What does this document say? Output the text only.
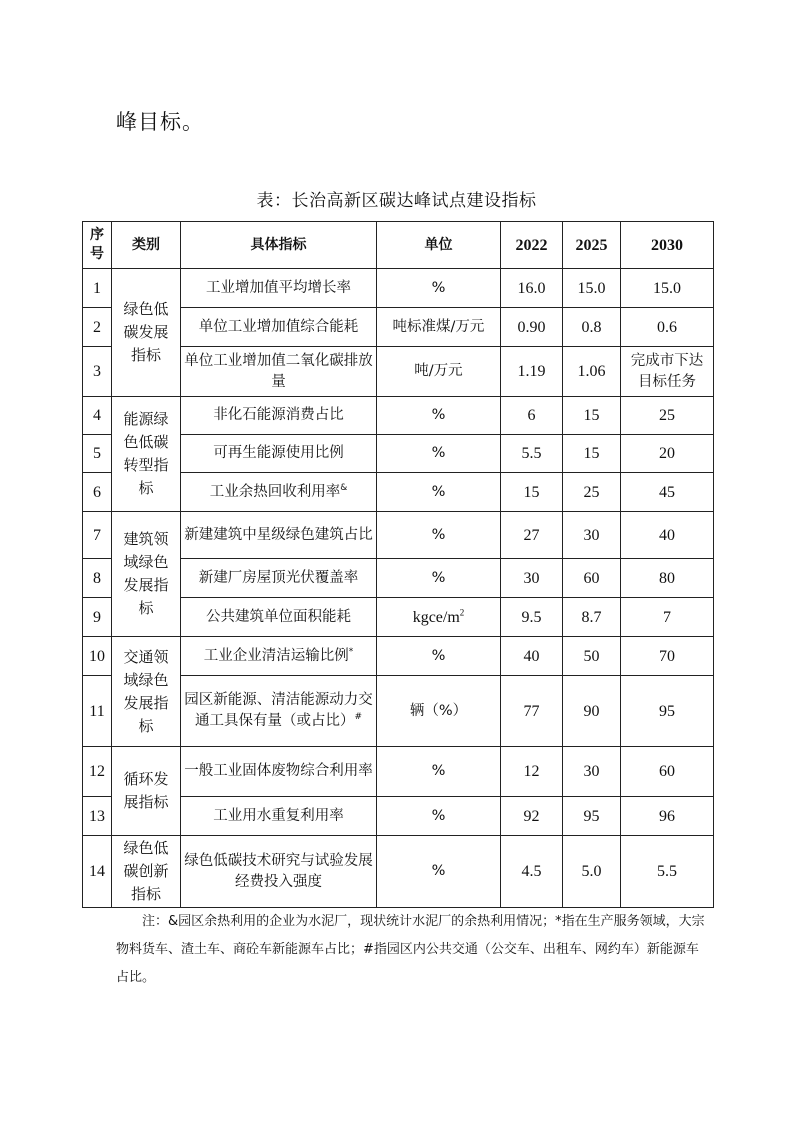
峰目标。
表：长治高新区碳达峰试点建设指标
序号	类别	具体指标	单位	2022	2025	2030
1	绿色低碳发展指标	工业增加值平均增长率	%	16.0	15.0	15.0
2		单位工业增加值综合能耗	吨标准煤/万元	0.90	0.8	0.6
3		单位工业增加值二氧化碳排放量	吨/万元	1.19	1.06	完成市下达目标任务
4	能源绿色低碳转型指标	非化石能源消费占比	%	6	15	25
5		可再生能源使用比例	%	5.5	15	20
6		工业余热回收利用率&	%	15	25	45
7	建筑领域绿色发展指标	新建建筑中星级绿色建筑占比	%	27	30	40
8		新建厂房屋顶光伏覆盖率	%	30	60	80
9		公共建筑单位面积能耗	kgce/$m^2$	9.5	8.7	7
10	交通领域绿色发展指标	工业企业清洁运输比例*	%	40	50	70
11		园区新能源、清洁能源动力交通工具保有量（或占比）#	辆（%）	77	90	95
12	循环发展指标	一般工业固体废物综合利用率	%	12	30	60
13		工业用水重复利用率	%	92	95	96
14	绿色低碳创新指标	绿色低碳技术研究与试验发展经费投入强度	%	4.5	5.0	5.5

注：&园区余热利用的企业为水泥厂，现状统计水泥厂的余热利用情况；*指在生产服务领域，大宗物料货车、渣土车、商砼车新能源车占比；#指园区内公共交通（公交车、出租车、网约车）新能源车占比。
